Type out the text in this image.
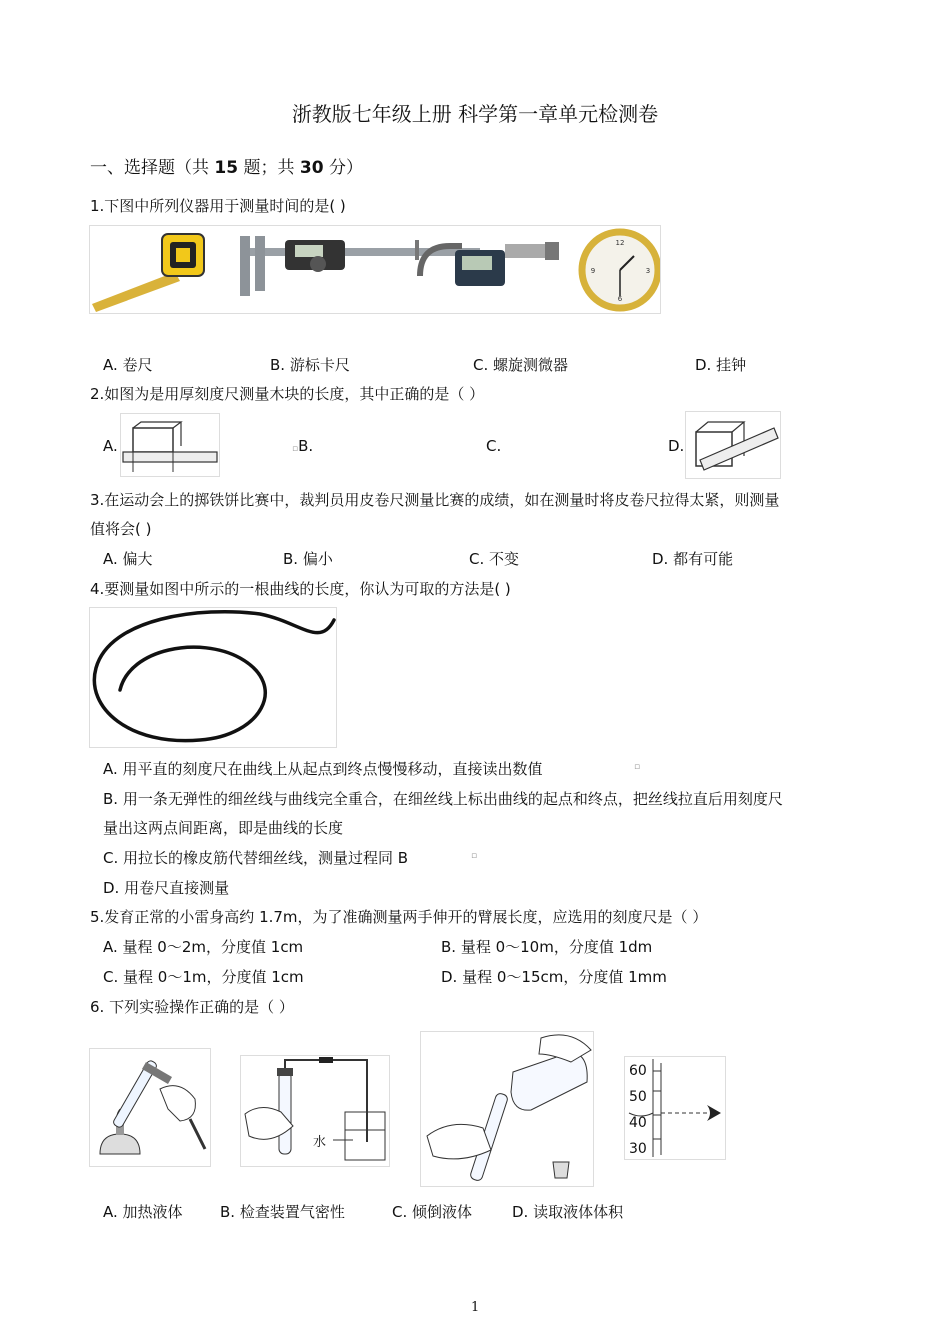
浙教版七年级上册 科学第一章单元检测卷
一、选择题（共 15 题；共 30 分）
1.下图中所列仪器用于测量时间的是( )
12
3
6
9
A. 卷尺	B. 游标卡尺	C. 螺旋测微器	D. 挂钟
2.如图为是用厚刻度尺测量木块的长度，其中正确的是（ ）
A.	▫B.	C.	D.
3.在运动会上的掷铁饼比赛中，裁判员用皮卷尺测量比赛的成绩，如在测量时将皮卷尺拉得太紧，则测量
值将会( )
A. 偏大	B. 偏小	C. 不变	D. 都有可能
4.要测量如图中所示的一根曲线的长度，你认为可取的方法是( )
A. 用平直的刻度尺在曲线上从起点到终点慢慢移动，直接读出数值	▫
B. 用一条无弹性的细丝线与曲线完全重合，在细丝线上标出曲线的起点和终点，把丝线拉直后用刻度尺
量出这两点间距离，即是曲线的长度
C. 用拉长的橡皮筋代替细丝线，测量过程同 B	▫
D. 用卷尺直接测量
5.发育正常的小雷身高约 1.7m，为了准确测量两手伸开的臂展长度，应选用的刻度尺是（ ）
A. 量程 0～2m，分度值 1cm	B. 量程 0～10m，分度值 1dm
C. 量程 0～1m，分度值 1cm	D. 量程 0～15cm，分度值 1mm
6. 下列实验操作正确的是（ ）
水
60
50
40
30
A. 加热液体 B. 检查装置气密性	C. 倾倒液体	D. 读取液体体积
1
